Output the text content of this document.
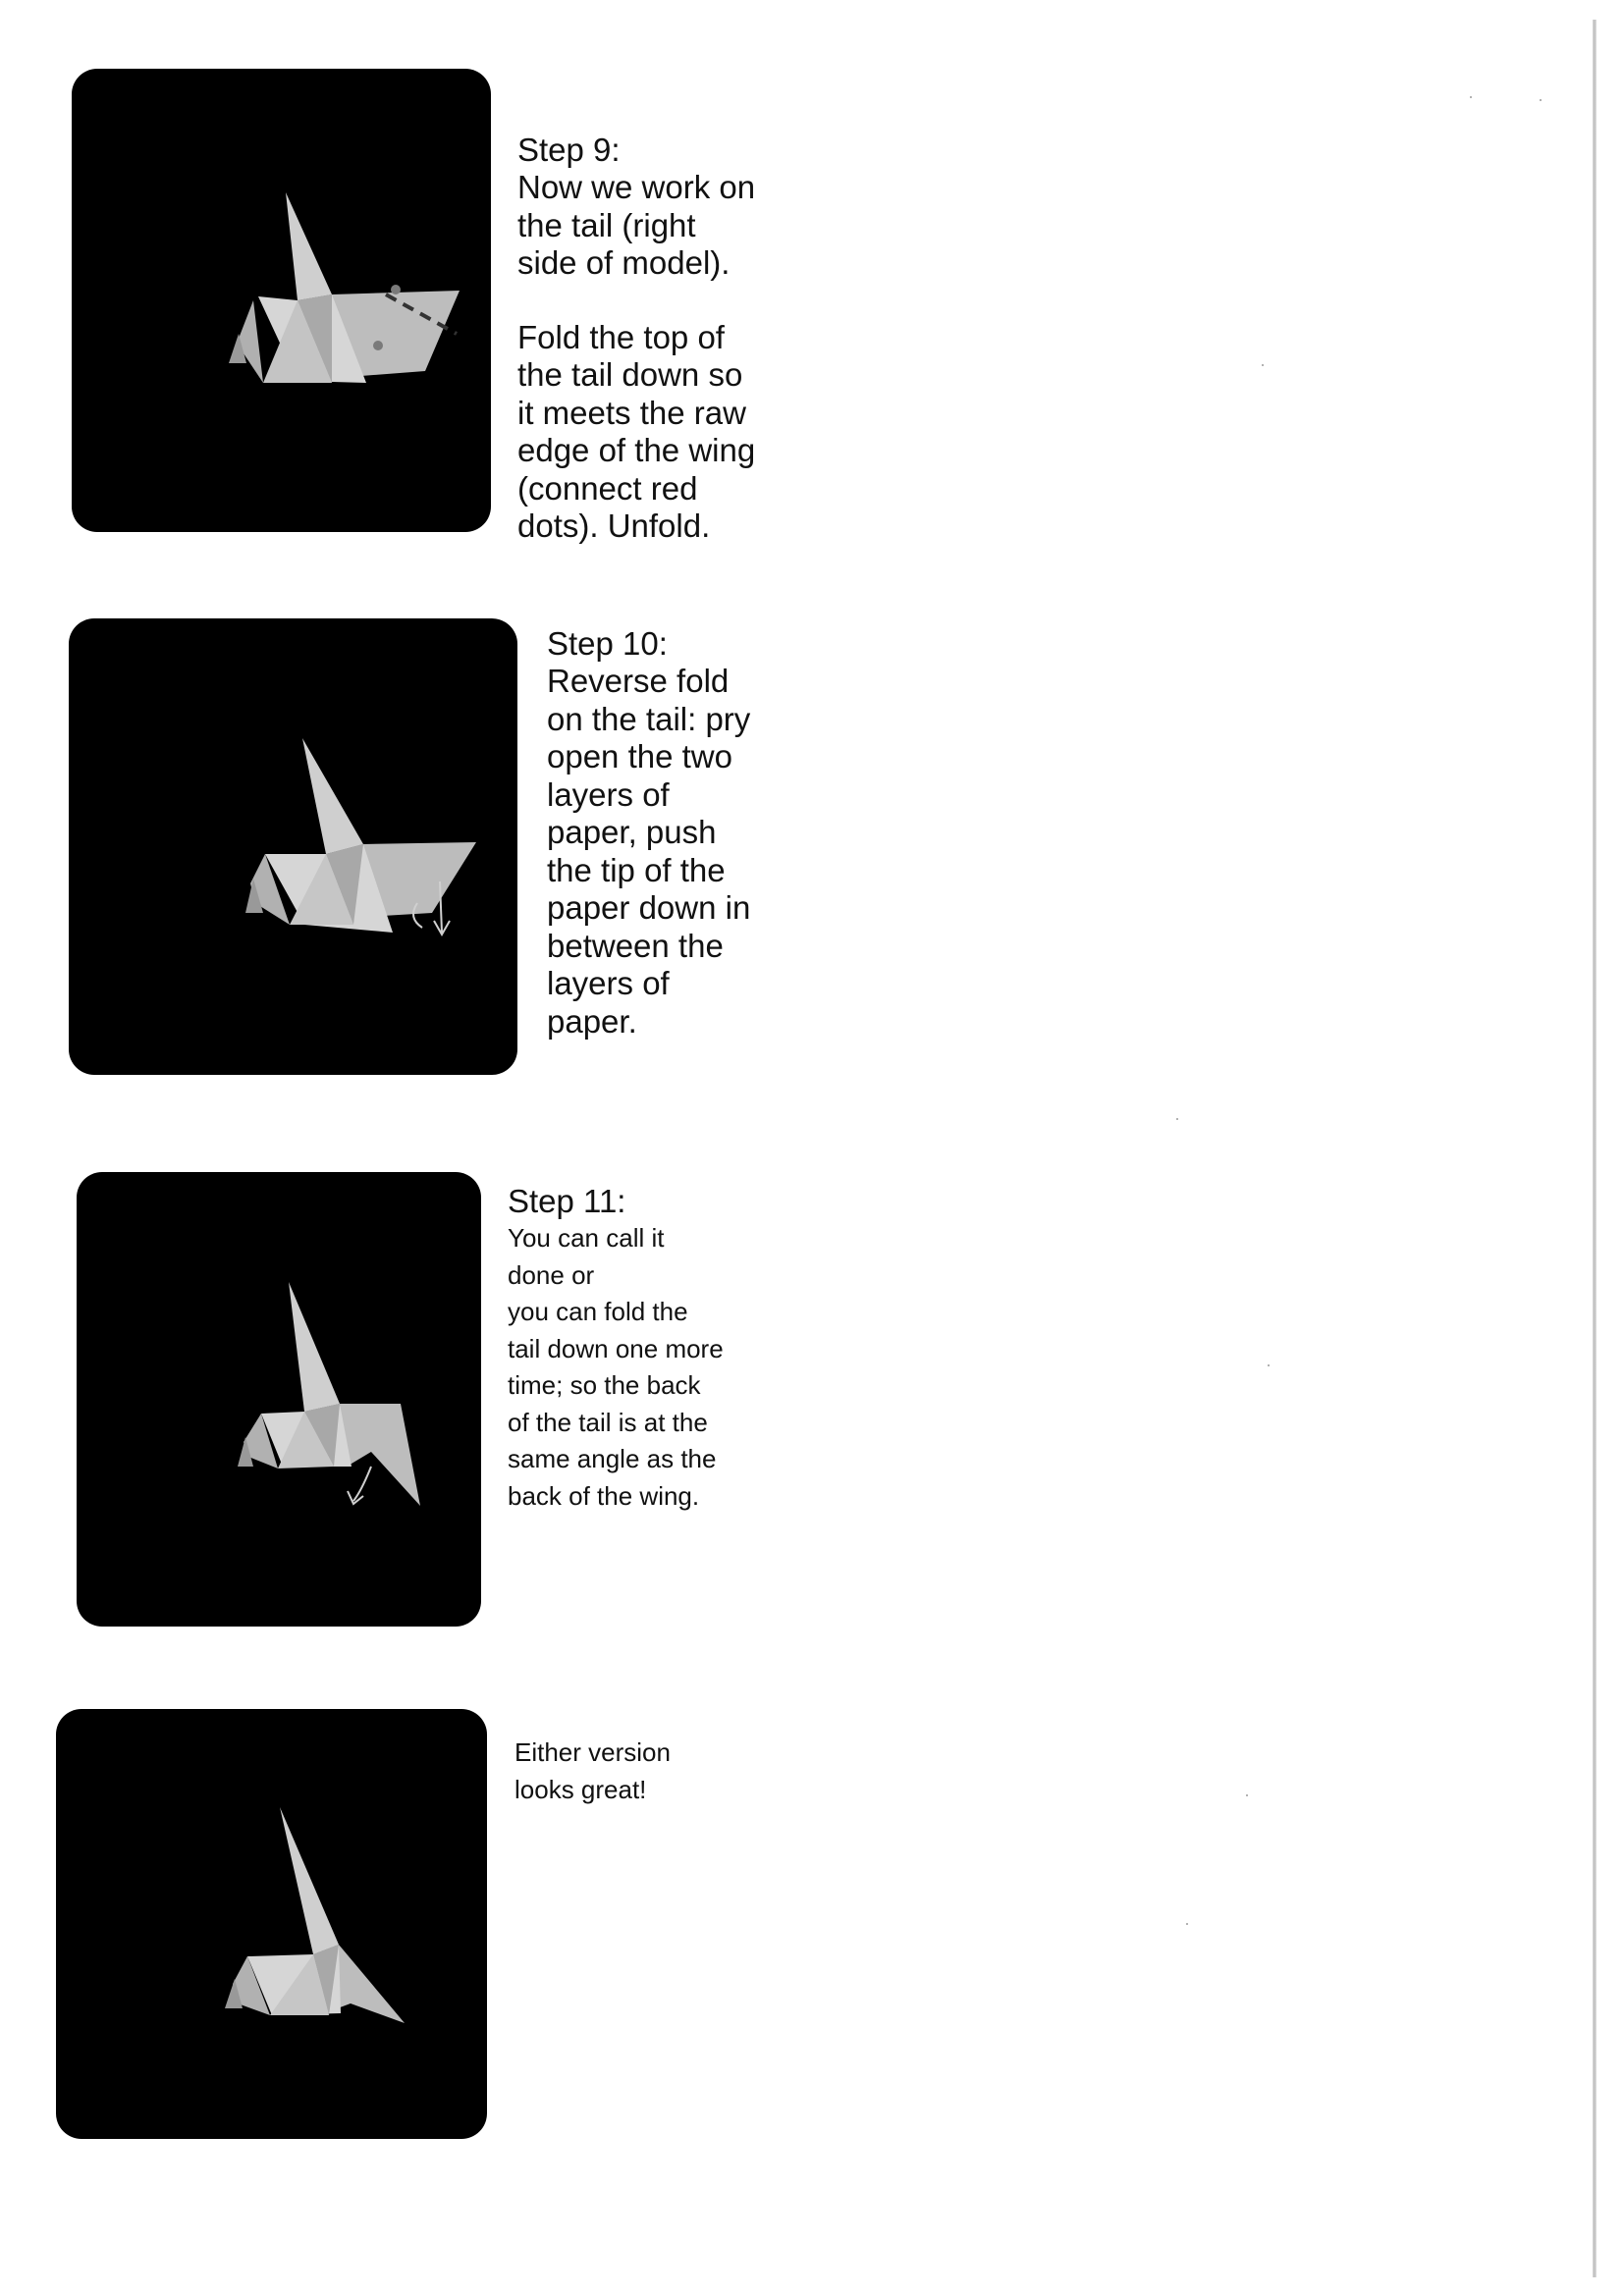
Step 9:

Now we work on
the tail (right
side of model).

Fold the top of
the tail down so
it meets the raw
edge of the wing
(connect red
dots). Unfold.

Step 10:

Reverse fold
on the tail: pry
open the two
layers of
paper, push
the tip of the
paper down in
between the
layers of
paper.

Step 11:

You can call it
done or
you can fold the
tail down one more
time; so the back
of the tail is at the
same angle as the
back of the wing.

Either version
looks great!
